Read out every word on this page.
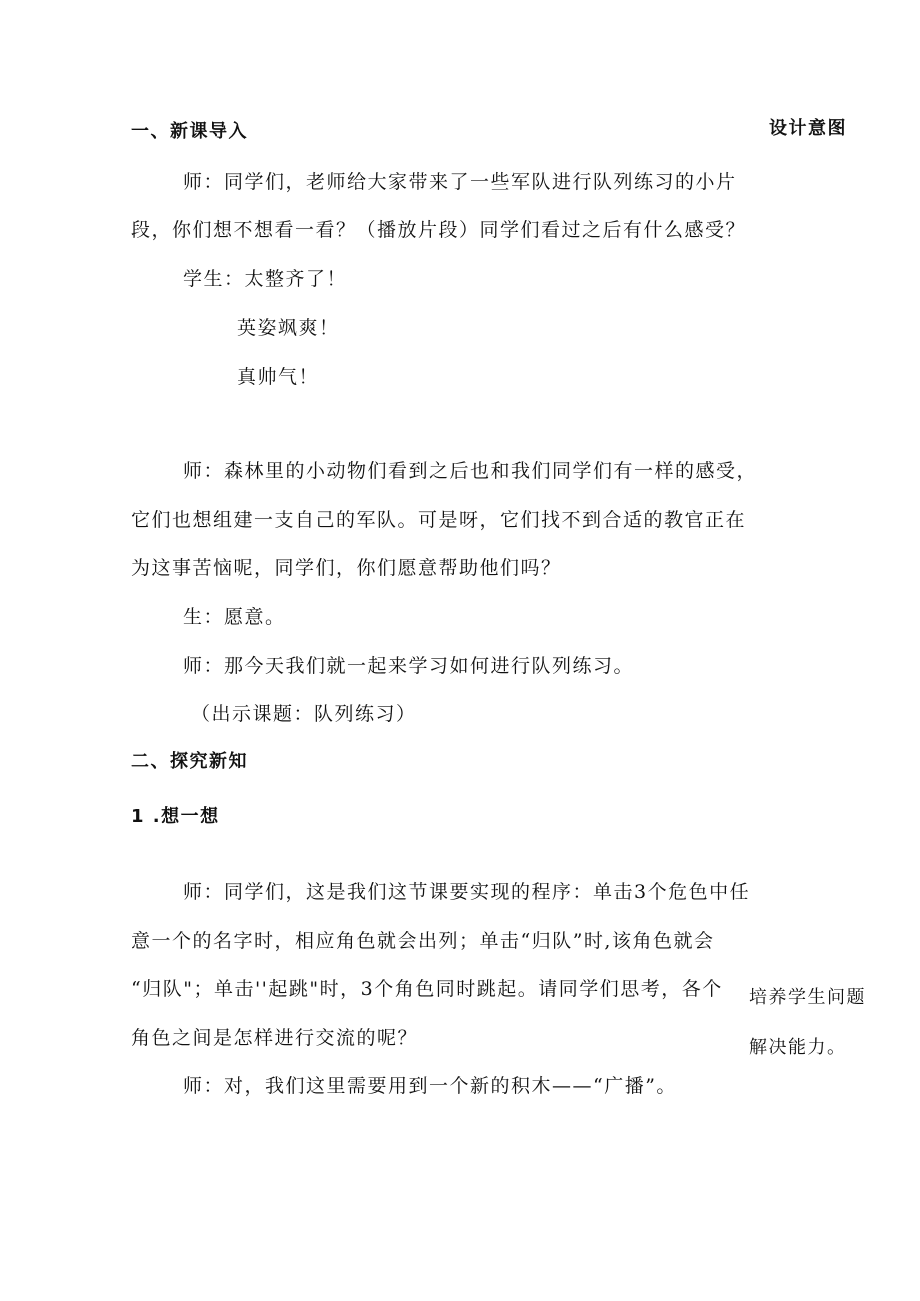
一、新课导入	设计意图
师：同学们，老师给大家带来了一些军队进行队列练习的小片
段，你们想不想看一看？（播放片段）同学们看过之后有什么感受？
学生：太整齐了！
英姿飒爽！
真帅气！
师：森林里的小动物们看到之后也和我们同学们有一样的感受，
它们也想组建一支自己的军队。可是呀，它们找不到合适的教官正在
为这事苦恼呢，同学们，你们愿意帮助他们吗？
生：愿意。
师：那今天我们就一起来学习如何进行队列练习。
（出示课题：队列练习）
二、探究新知
1 .想一想
师：同学们，这是我们这节课要实现的程序：单击3个危色中任
意一个的名字时，相应角色就会出列；单击“归队”时,该角色就会
“归队"；单击''起跳"时，3个角色同时跳起。请同学们思考，各个
角色之间是怎样进行交流的呢？
培养学生问题
解决能力。
师：对，我们这里需要用到一个新的积木——“广播”。
